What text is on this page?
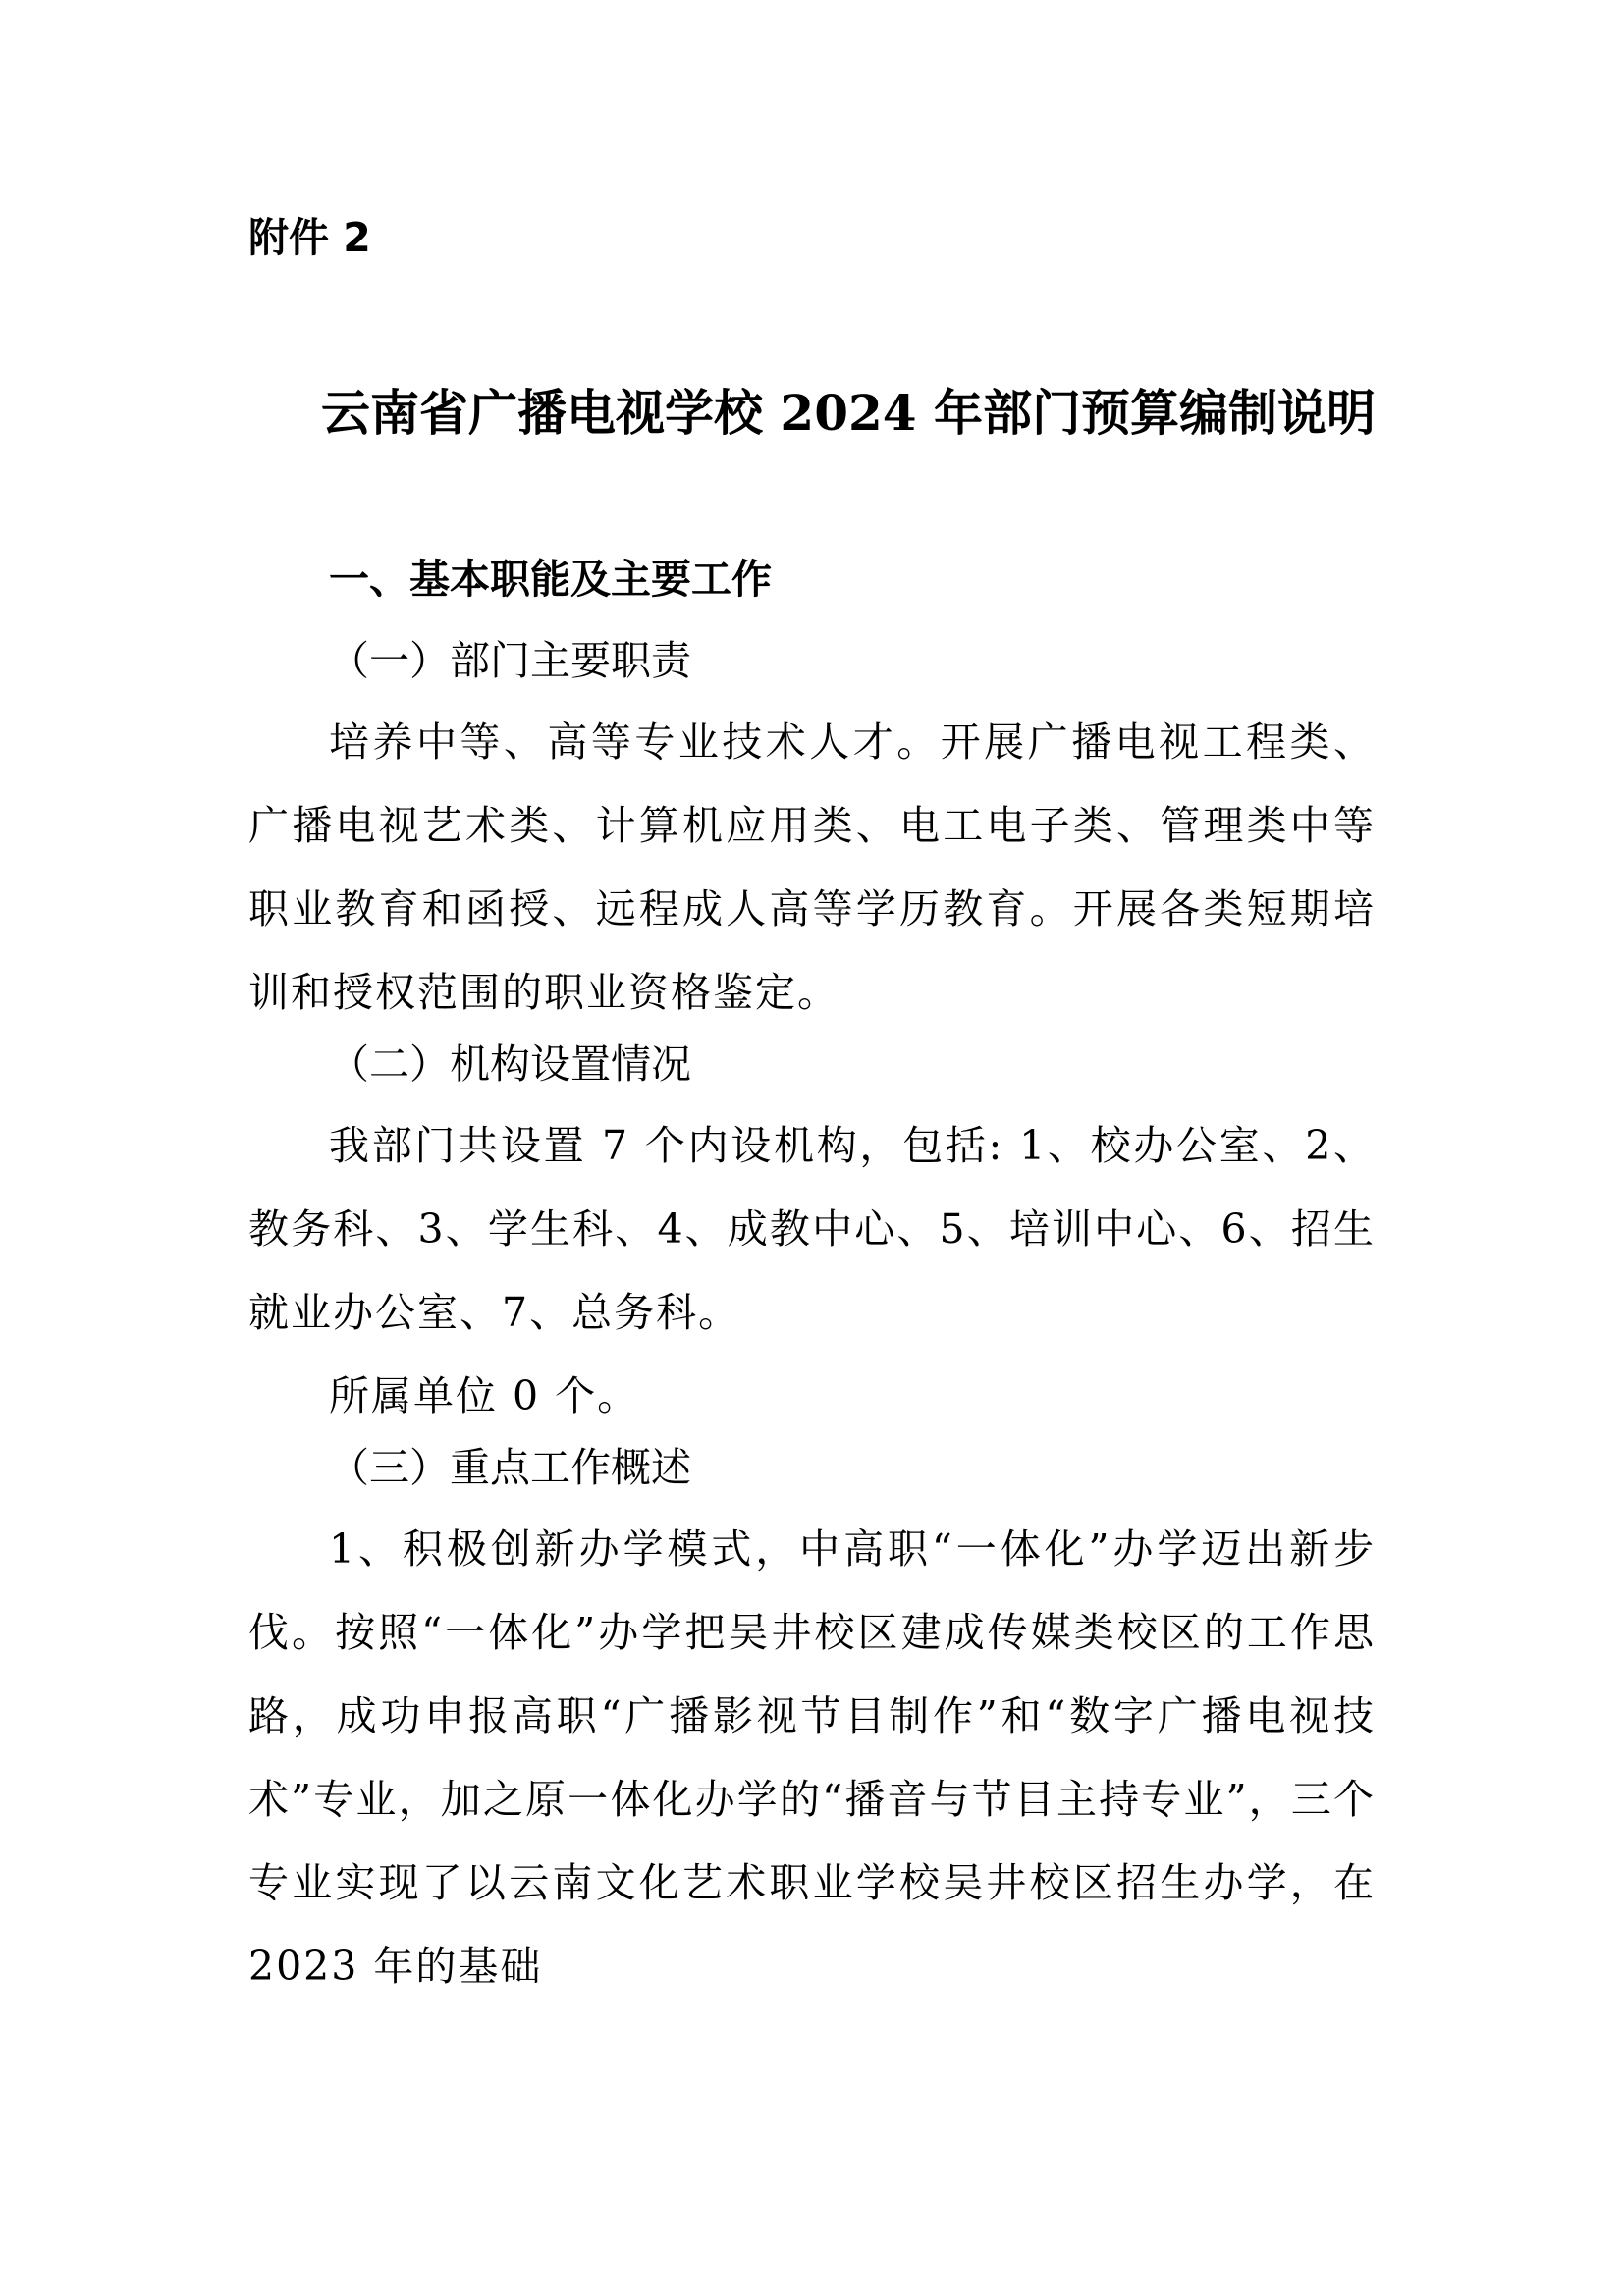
附件 2
云南省广播电视学校 2024 年部门预算编制说明
一、基本职能及主要工作
（一）部门主要职责

培养中等、高等专业技术人才。开展广播电视工程类、广播电视艺术类、计算机应用类、电工电子类、管理类中等职业教育和函授、远程成人高等学历教育。开展各类短期培训和授权范围的职业资格鉴定。

（二）机构设置情况

我部门共设置 7 个内设机构，包括: 1、校办公室、2、教务科、3、学生科、4、成教中心、5、培训中心、6、招生就业办公室、7、总务科。

所属单位 0 个。

（三）重点工作概述

1、积极创新办学模式，中高职“一体化”办学迈出新步伐。按照“一体化”办学把吴井校区建成传媒类校区的工作思路，成功申报高职“广播影视节目制作”和“数字广播电视技术”专业，加之原一体化办学的“播音与节目主持专业”，三个专业实现了以云南文化艺术职业学校吴井校区招生办学，在 2023 年的基础
